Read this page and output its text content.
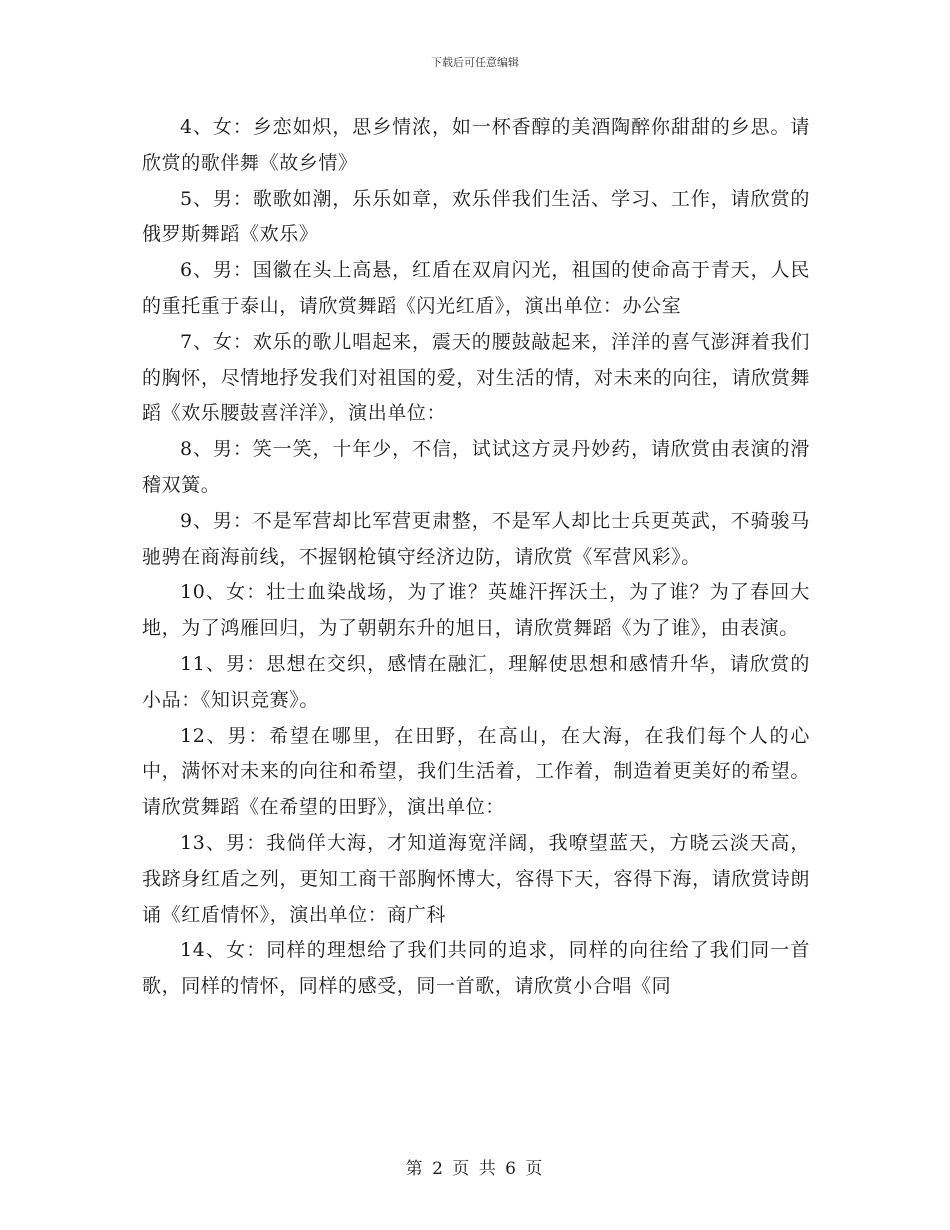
下载后可任意编辑

4、女：乡恋如炽，思乡情浓，如一杯香醇的美酒陶醉你甜甜的乡思。请欣赏的歌伴舞《故乡情》

5、男：歌歌如潮，乐乐如章，欢乐伴我们生活、学习、工作，请欣赏的俄罗斯舞蹈《欢乐》

6、男：国徽在头上高悬，红盾在双肩闪光，祖国的使命高于青天，人民的重托重于泰山，请欣赏舞蹈《闪光红盾》，演出单位：办公室

7、女：欢乐的歌儿唱起来，震天的腰鼓敲起来，洋洋的喜气澎湃着我们的胸怀，尽情地抒发我们对祖国的爱，对生活的情，对未来的向往，请欣赏舞蹈《欢乐腰鼓喜洋洋》，演出单位：

8、男：笑一笑，十年少，不信，试试这方灵丹妙药，请欣赏由表演的滑稽双簧。

9、男：不是军营却比军营更肃整，不是军人却比士兵更英武，不骑骏马驰骋在商海前线，不握钢枪镇守经济边防，请欣赏《军营风彩》。

10、女：壮士血染战场，为了谁？英雄汗挥沃土，为了谁？为了春回大地，为了鸿雁回归，为了朝朝东升的旭日，请欣赏舞蹈《为了谁》，由表演。

11、男：思想在交织，感情在融汇，理解使思想和感情升华，请欣赏的小品：《知识竞赛》。

12、男：希望在哪里，在田野，在高山，在大海，在我们每个人的心中，满怀对未来的向往和希望，我们生活着，工作着，制造着更美好的希望。请欣赏舞蹈《在希望的田野》，演出单位：

13、男：我倘佯大海，才知道海宽洋阔，我嘹望蓝天，方晓云淡天高，我跻身红盾之列，更知工商干部胸怀博大，容得下天，容得下海，请欣赏诗朗诵《红盾情怀》，演出单位：商广科

14、女：同样的理想给了我们共同的追求，同样的向往给了我们同一首歌，同样的情怀，同样的感受，同一首歌，请欣赏小合唱《同

第 2 页 共 6 页
